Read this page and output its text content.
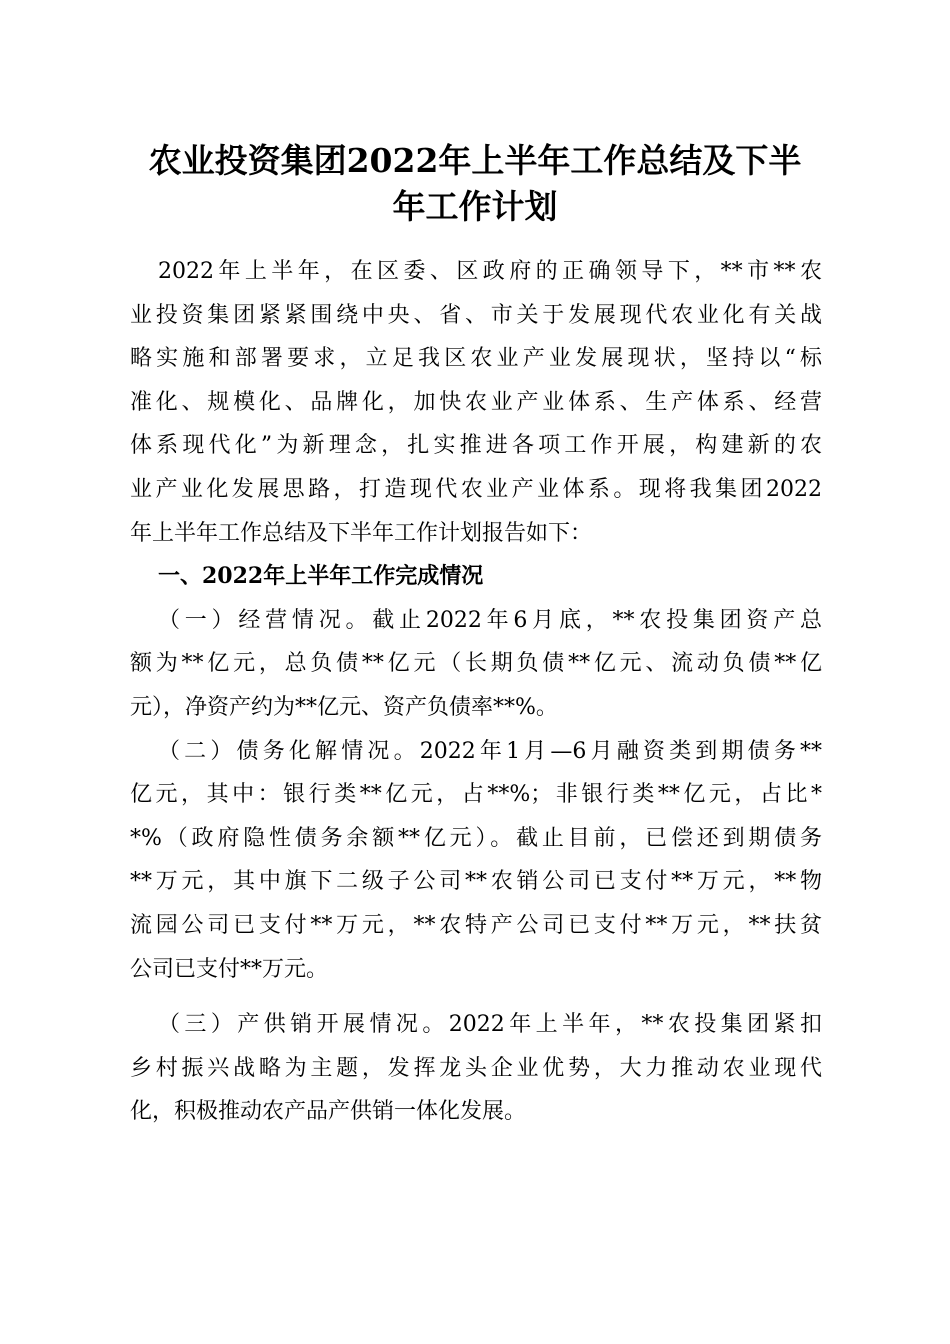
农业投资集团2022年上半年工作总结及下半
年工作计划
2022年上半年，在区委、区政府的正确领导下，**市**农
业投资集团紧紧围绕中央、省、市关于发展现代农业化有关战
略实施和部署要求，立足我区农业产业发展现状，坚持以“标
准化、规模化、品牌化，加快农业产业体系、生产体系、经营
体系现代化”为新理念，扎实推进各项工作开展，构建新的农
业产业化发展思路，打造现代农业产业体系。现将我集团2022
年上半年工作总结及下半年工作计划报告如下：
一、2022年上半年工作完成情况
（一）经营情况。截止2022年6月底，**农投集团资产总
额为**亿元，总负债**亿元（长期负债**亿元、流动负债**亿
元），净资产约为**亿元、资产负债率**%。
（二）债务化解情况。2022年1月—6月融资类到期债务**
亿元，其中：银行类**亿元，占**%；非银行类**亿元，占比*
*%（政府隐性债务余额**亿元）。截止目前，已偿还到期债务
**万元，其中旗下二级子公司**农销公司已支付**万元，**物
流园公司已支付**万元，**农特产公司已支付**万元，**扶贫
公司已支付**万元。
（三）产供销开展情况。2022年上半年，**农投集团紧扣
乡村振兴战略为主题，发挥龙头企业优势，大力推动农业现代
化，积极推动农产品产供销一体化发展。
